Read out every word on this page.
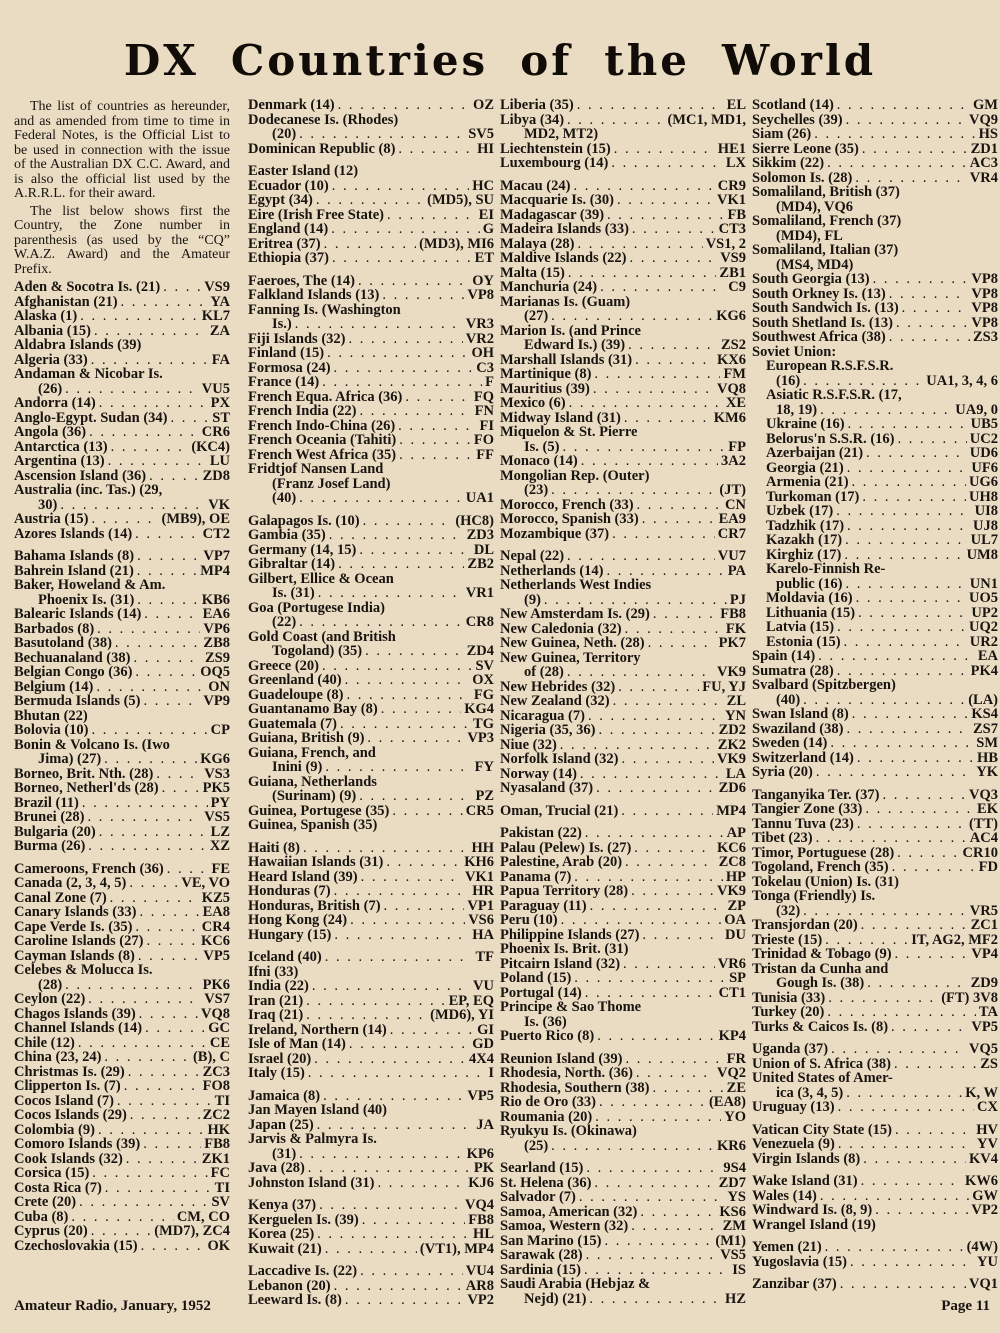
DX Countries of the World

The list of countries as hereunder, and as amended from time to time in Federal Notes, is the Official List to be used in connection with the issue of the Australian DX C.C. Award, and is also the official list used by the A.R.R.L. for their award.

The list below shows first the Country, the Zone number in parenthesis (as used by the “CQ” W.A.Z. Award) and the Amateur Prefix.

Aden & Socotra Is. (21) . . .	VS9
Afghanistan (21) . . .	YA
Alaska (1) . . .	KL7
Albania (15) . . .	ZA
Aldabra Islands (39)
Algeria (33) . . .	FA
Andaman & Nicobar Is.
(26) . . .	VU5
Andorra (14) . . .	PX
Anglo-Egypt. Sudan (34) . . .	ST
Angola (36) . . .	CR6
Antarctica (13) . . .	(KC4)
Argentina (13) . . .	LU
Ascension Island (36) . . .	ZD8
Australia (inc. Tas.) (29,
30) . . .	VK
Austria (15) . . .	(MB9), OE
Azores Islands (14) . . .	CT2
Bahama Islands (8) . . .	VP7
Bahrein Island (21) . . .	MP4
Baker, Howeland & Am.
Phoenix Is. (31) . . .	KB6
Balearic Islands (14) . . .	EA6
Barbados (8) . . .	VP6
Basutoland (38) . . .	ZB8
Bechuanaland (38) . . .	ZS9
Belgian Congo (36) . . .	OQ5
Belgium (14) . . .	ON
Bermuda Islands (5) . . .	VP9
Bhutan (22)
Bolovia (10) . . .	CP
Bonin & Volcano Is. (Iwo
Jima) (27) . . .	KG6
Borneo, Brit. Nth. (28) . . .	VS3
Borneo, Netherl'ds (28) . . .	PK5
Brazil (11) . . .	PY
Brunei (28) . . .	VS5
Bulgaria (20) . . .	LZ
Burma (26) . . .	XZ
Cameroons, French (36) . . .	FE
Canada (2, 3, 4, 5) . . .	VE, VO
Canal Zone (7) . . .	KZ5
Canary Islands (33) . . .	EA8
Cape Verde Is. (35) . . .	CR4
Caroline Islands (27) . . .	KC6
Cayman Islands (8) . . .	VP5
Celebes & Molucca Is.
(28) . . .	PK6
Ceylon (22) . . .	VS7
Chagos Islands (39) . . .	VQ8
Channel Islands (14) . . .	GC
Chile (12) . . .	CE
China (23, 24) . . .	(B), C
Christmas Is. (29) . . .	ZC3
Clipperton Is. (7) . . .	FO8
Cocos Island (7) . . .	TI
Cocos Islands (29) . . .	ZC2
Colombia (9) . . .	HK
Comoro Islands (39) . . .	FB8
Cook Islands (32) . . .	ZK1
Corsica (15) . . .	FC
Costa Rica (7) . . .	TI
Crete (20) . . .	SV
Cuba (8) . . .	CM, CO
Cyprus (20) . . .	(MD7), ZC4
Czechoslovakia (15) . . .	OK
Denmark (14) . . .	OZ
Dodecanese Is. (Rhodes)
(20) . . .	SV5
Dominican Republic (8) . . .	HI
Easter Island (12)
Ecuador (10) . . .	HC
Egypt (34) . . .	(MD5), SU
Eire (Irish Free State) . . .	EI
England (14) . . .	G
Eritrea (37) . . .	(MD3), MI6
Ethiopia (37) . . .	ET
Faeroes, The (14) . . .	OY
Falkland Islands (13) . . .	VP8
Fanning Is. (Washington
Is.) . . .	VR3
Fiji Islands (32) . . .	VR2
Finland (15) . . .	OH
Formosa (24) . . .	C3
France (14) . . .	F
French Equa. Africa (36) . . .	FQ
French India (22) . . .	FN
French Indo-China (26) . . .	FI
French Oceania (Tahiti) . . .	FO
French West Africa (35) . . .	FF
Fridtjof Nansen Land
(Franz Josef Land)
(40) . . .	UA1
Galapagos Is. (10) . . .	(HC8)
Gambia (35) . . .	ZD3
Germany (14, 15) . . .	DL
Gibraltar (14) . . .	ZB2
Gilbert, Ellice & Ocean
Is. (31) . . .	VR1
Goa (Portugese India)
(22) . . .	CR8
Gold Coast (and British
Togoland) (35) . . .	ZD4
Greece (20) . . .	SV
Greenland (40) . . .	OX
Guadeloupe (8) . . .	FG
Guantanamo Bay (8) . . .	KG4
Guatemala (7) . . .	TG
Guiana, British (9) . . .	VP3
Guiana, French, and
Inini (9) . . .	FY
Guiana, Netherlands
(Surinam) (9) . . .	PZ
Guinea, Portugese (35) . . .	CR5
Guinea, Spanish (35)
Haiti (8) . . .	HH
Hawaiian Islands (31) . . .	KH6
Heard Island (39) . . .	VK1
Honduras (7) . . .	HR
Honduras, British (7) . . .	VP1
Hong Kong (24) . . .	VS6
Hungary (15) . . .	HA
Iceland (40) . . .	TF
Ifni (33)
India (22) . . .	VU
Iran (21) . . .	EP, EQ
Iraq (21) . . .	(MD6), YI
Ireland, Northern (14) . . .	GI
Isle of Man (14) . . .	GD
Israel (20) . . .	4X4
Italy (15) . . .	I
Jamaica (8) . . .	VP5
Jan Mayen Island (40)
Japan (25) . . .	JA
Jarvis & Palmyra Is.
(31) . . .	KP6
Java (28) . . .	PK
Johnston Island (31) . . .	KJ6
Kenya (37) . . .	VQ4
Kerguelen Is. (39) . . .	FB8
Korea (25) . . .	HL
Kuwait (21) . . .	(VT1), MP4
Laccadive Is. (22) . . .	VU4
Lebanon (20) . . .	AR8
Leeward Is. (8) . . .	VP2
Liberia (35) . . .	EL
Libya (34) . . .	(MC1, MD1,
MD2, MT2)
Liechtenstein (15) . . .	HE1
Luxembourg (14) . . .	LX
Macau (24) . . .	CR9
Macquarie Is. (30) . . .	VK1
Madagascar (39) . . .	FB
Madeira Islands (33) . . .	CT3
Malaya (28) . . .	VS1, 2
Maldive Islands (22) . . .	VS9
Malta (15) . . .	ZB1
Manchuria (24) . . .	C9
Marianas Is. (Guam)
(27) . . .	KG6
Marion Is. (and Prince
Edward Is.) (39) . . .	ZS2
Marshall Islands (31) . . .	KX6
Martinique (8) . . .	FM
Mauritius (39) . . .	VQ8
Mexico (6) . . .	XE
Midway Island (31) . . .	KM6
Miquelon & St. Pierre
Is. (5) . . .	FP
Monaco (14) . . .	3A2
Mongolian Rep. (Outer)
(23) . . .	(JT)
Morocco, French (33) . . .	CN
Morocco, Spanish (33) . . .	EA9
Mozambique (37) . . .	CR7
Nepal (22) . . .	VU7
Netherlands (14) . . .	PA
Netherlands West Indies
(9) . . .	PJ
New Amsterdam Is. (29) . . .	FB8
New Caledonia (32) . . .	FK
New Guinea, Neth. (28) . . .	PK7
New Guinea, Territory
of (28) . . .	VK9
New Hebrides (32) . . .	FU, YJ
New Zealand (32) . . .	ZL
Nicaragua (7) . . .	YN
Nigeria (35, 36) . . .	ZD2
Niue (32) . . .	ZK2
Norfolk Island (32) . . .	VK9
Norway (14) . . .	LA
Nyasaland (37) . . .	ZD6
Oman, Trucial (21) . . .	MP4
Pakistan (22) . . .	AP
Palau (Pelew) Is. (27) . . .	KC6
Palestine, Arab (20) . . .	ZC8
Panama (7) . . .	HP
Papua Territory (28) . . .	VK9
Paraguay (11) . . .	ZP
Peru (10) . . .	OA
Philippine Islands (27) . . .	DU
Phoenix Is. Brit. (31)
Pitcairn Island (32) . . .	VR6
Poland (15) . . .	SP
Portugal (14) . . .	CT1
Principe & Sao Thome
Is. (36)
Puerto Rico (8) . . .	KP4
Reunion Island (39) . . .	FR
Rhodesia, North. (36) . . .	VQ2
Rhodesia, Southern (38) . . .	ZE
Rio de Oro (33) . . .	(EA8)
Roumania (20) . . .	YO
Ryukyu Is. (Okinawa)
(25) . . .	KR6
Searland (15) . . .	9S4
St. Helena (36) . . .	ZD7
Salvador (7) . . .	YS
Samoa, American (32) . . .	KS6
Samoa, Western (32) . . .	ZM
San Marino (15) . . .	(M1)
Sarawak (28) . . .	VS5
Sardinia (15) . . .	IS
Saudi Arabia (Hebjaz &
Nejd) (21) . . .	HZ
Scotland (14) . . .	GM
Seychelles (39) . . .	VQ9
Siam (26) . . .	HS
Sierre Leone (35) . . .	ZD1
Sikkim (22) . . .	AC3
Solomon Is. (28) . . .	VR4
Somaliland, British (37)
(MD4), VQ6
Somaliland, French (37)
(MD4), FL
Somaliland, Italian (37)
(MS4, MD4)
South Georgia (13) . . .	VP8
South Orkney Is. (13) . . .	VP8
South Sandwich Is. (13) . . .	VP8
South Shetland Is. (13) . . .	VP8
Southwest Africa (38) . . .	ZS3
Soviet Union:
European R.S.F.S.R.
(16) . . .	UA1, 3, 4, 6
Asiatic R.S.F.S.R. (17,
18, 19) . . .	UA9, 0
Ukraine (16) . . .	UB5
Belorus'n S.S.R. (16) . . .	UC2
Azerbaijan (21) . . .	UD6
Georgia (21) . . .	UF6
Armenia (21) . . .	UG6
Turkoman (17) . . .	UH8
Uzbek (17) . . .	UI8
Tadzhik (17) . . .	UJ8
Kazakh (17) . . .	UL7
Kirghiz (17) . . .	UM8
Karelo-Finnish Re-
public (16) . . .	UN1
Moldavia (16) . . .	UO5
Lithuania (15) . . .	UP2
Latvia (15) . . .	UQ2
Estonia (15) . . .	UR2
Spain (14) . . .	EA
Sumatra (28) . . .	PK4
Svalbard (Spitzbergen)
(40) . . .	(LA)
Swan Island (8) . . .	KS4
Swaziland (38) . . .	ZS7
Sweden (14) . . .	SM
Switzerland (14) . . .	HB
Syria (20) . . .	YK
Tanganyika Ter. (37) . . .	VQ3
Tangier Zone (33) . . .	EK
Tannu Tuva (23) . . .	(TT)
Tibet (23) . . .	AC4
Timor, Portuguese (28) . . .	CR10
Togoland, French (35) . . .	FD
Tokelau (Union) Is. (31)
Tonga (Friendly) Is.
(32) . . .	VR5
Transjordan (20) . . .	ZC1
Trieste (15) . . .	IT, AG2, MF2
Trinidad & Tobago (9) . . .	VP4
Tristan da Cunha and
Gough Is. (38) . . .	ZD9
Tunisia (33) . . .	(FT) 3V8
Turkey (20) . . .	TA
Turks & Caicos Is. (8) . . .	VP5
Uganda (37) . . .	VQ5
Union of S. Africa (38) . . .	ZS
United States of Amer-
ica (3, 4, 5) . . .	K, W
Uruguay (13) . . .	CX
Vatican City State (15) . . .	HV
Venezuela (9) . . .	YV
Virgin Islands (8) . . .	KV4
Wake Island (31) . . .	KW6
Wales (14) . . .	GW
Windward Is. (8, 9) . . .	VP2
Wrangel Island (19)
Yemen (21) . . .	(4W)
Yugoslavia (15) . . .	YU
Zanzibar (37) . . .	VQ1
Amateur Radio, January, 1952	Page 11
